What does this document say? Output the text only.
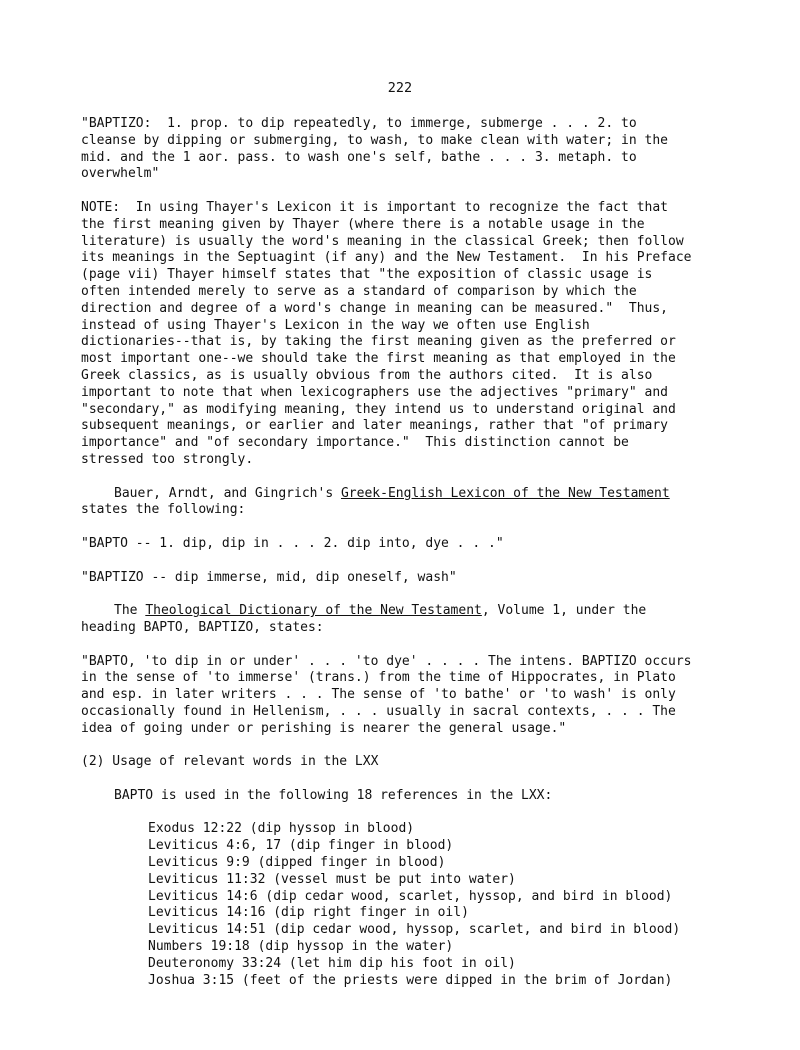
222
"BAPTIZO:  1. prop. to dip repeatedly, to immerge, submerge . . . 2. to
cleanse by dipping or submerging, to wash, to make clean with water; in the
mid. and the 1 aor. pass. to wash one's self, bathe . . . 3. metaph. to
overwhelm"
NOTE:  In using Thayer's Lexicon it is important to recognize the fact that
the first meaning given by Thayer (where there is a notable usage in the
literature) is usually the word's meaning in the classical Greek; then follow
its meanings in the Septuagint (if any) and the New Testament.  In his Preface
(page vii) Thayer himself states that "the exposition of classic usage is
often intended merely to serve as a standard of comparison by which the
direction and degree of a word's change in meaning can be measured."  Thus,
instead of using Thayer's Lexicon in the way we often use English
dictionaries--that is, by taking the first meaning given as the preferred or
most important one--we should take the first meaning as that employed in the
Greek classics, as is usually obvious from the authors cited.  It is also
important to note that when lexicographers use the adjectives "primary" and
"secondary," as modifying meaning, they intend us to understand original and
subsequent meanings, or earlier and later meanings, rather that "of primary
importance" and "of secondary importance."  This distinction cannot be
stressed too strongly.
Bauer, Arndt, and Gingrich's Greek-English Lexicon of the New Testament
states the following:
"BAPTO -- 1. dip, dip in . . . 2. dip into, dye . . ."
"BAPTIZO -- dip immerse, mid, dip oneself, wash"
The Theological Dictionary of the New Testament, Volume 1, under the
heading BAPTO, BAPTIZO, states:
"BAPTO, 'to dip in or under' . . . 'to dye' . . . . The intens. BAPTIZO occurs
in the sense of 'to immerse' (trans.) from the time of Hippocrates, in Plato
and esp. in later writers . . . The sense of 'to bathe' or 'to wash' is only
occasionally found in Hellenism, . . . usually in sacral contexts, . . . The
idea of going under or perishing is nearer the general usage."
(2) Usage of relevant words in the LXX
BAPTO is used in the following 18 references in the LXX:
Exodus 12:22 (dip hyssop in blood)
Leviticus 4:6, 17 (dip finger in blood)
Leviticus 9:9 (dipped finger in blood)
Leviticus 11:32 (vessel must be put into water)
Leviticus 14:6 (dip cedar wood, scarlet, hyssop, and bird in blood)
Leviticus 14:16 (dip right finger in oil)
Leviticus 14:51 (dip cedar wood, hyssop, scarlet, and bird in blood)
Numbers 19:18 (dip hyssop in the water)
Deuteronomy 33:24 (let him dip his foot in oil)
Joshua 3:15 (feet of the priests were dipped in the brim of Jordan)
